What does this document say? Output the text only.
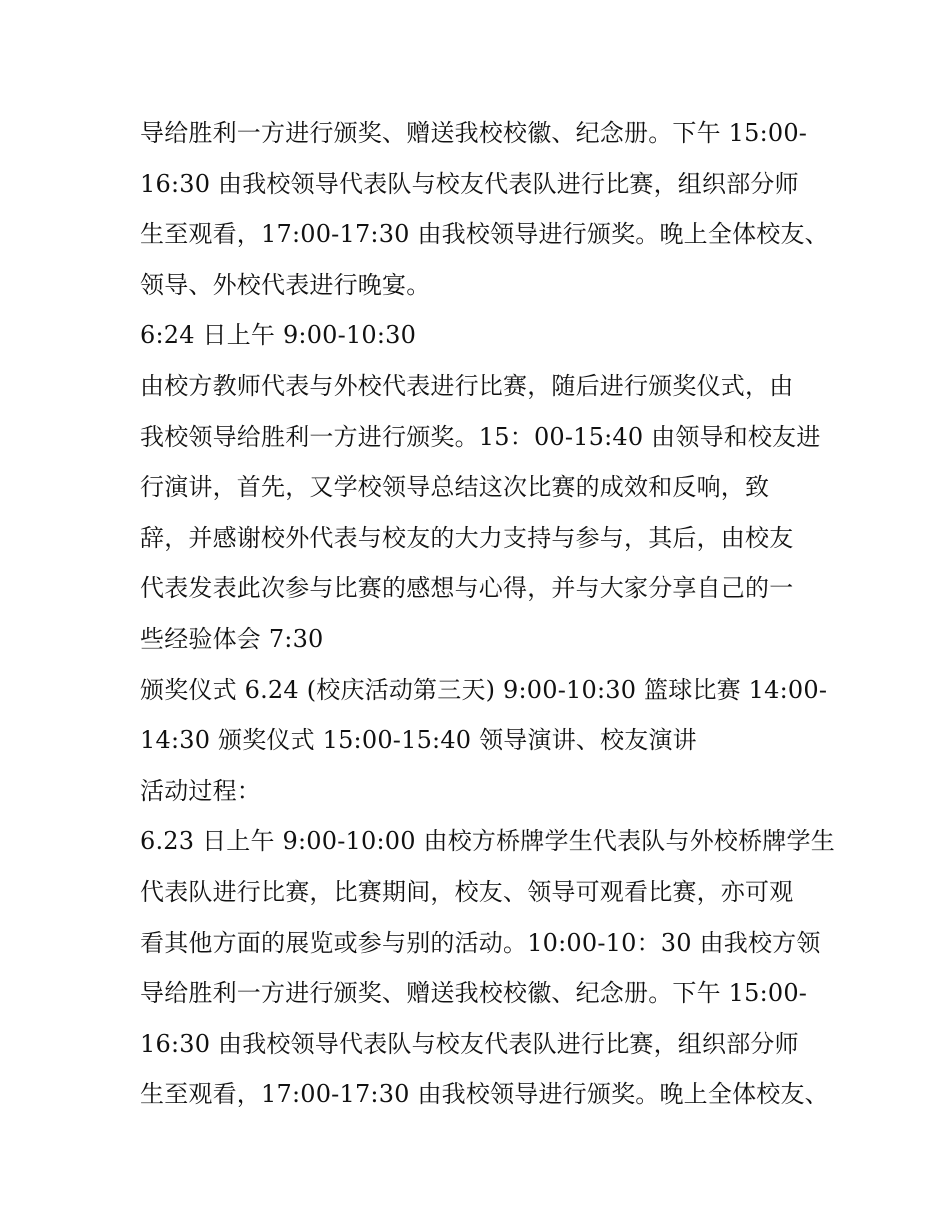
导给胜利一方进行颁奖、赠送我校校徽、纪念册。下午 15:00-
16:30 由我校领导代表队与校友代表队进行比赛，组织部分师
生至观看，17:00-17:30 由我校领导进行颁奖。晚上全体校友、
领导、外校代表进行晚宴。
6:24 日上午 9:00-10:30
由校方教师代表与外校代表进行比赛，随后进行颁奖仪式，由
我校领导给胜利一方进行颁奖。15：00-15:40 由领导和校友进
行演讲，首先，又学校领导总结这次比赛的成效和反响，致
辞，并感谢校外代表与校友的大力支持与参与，其后，由校友
代表发表此次参与比赛的感想与心得，并与大家分享自己的一
些经验体会 7:30
颁奖仪式 6.24 (校庆活动第三天) 9:00-10:30 篮球比赛 14:00-
14:30 颁奖仪式 15:00-15:40 领导演讲、校友演讲
活动过程：
6.23 日上午 9:00-10:00 由校方桥牌学生代表队与外校桥牌学生
代表队进行比赛，比赛期间，校友、领导可观看比赛，亦可观
看其他方面的展览或参与别的活动。10:00-10：30 由我校方领
导给胜利一方进行颁奖、赠送我校校徽、纪念册。下午 15:00-
16:30 由我校领导代表队与校友代表队进行比赛，组织部分师
生至观看，17:00-17:30 由我校领导进行颁奖。晚上全体校友、
